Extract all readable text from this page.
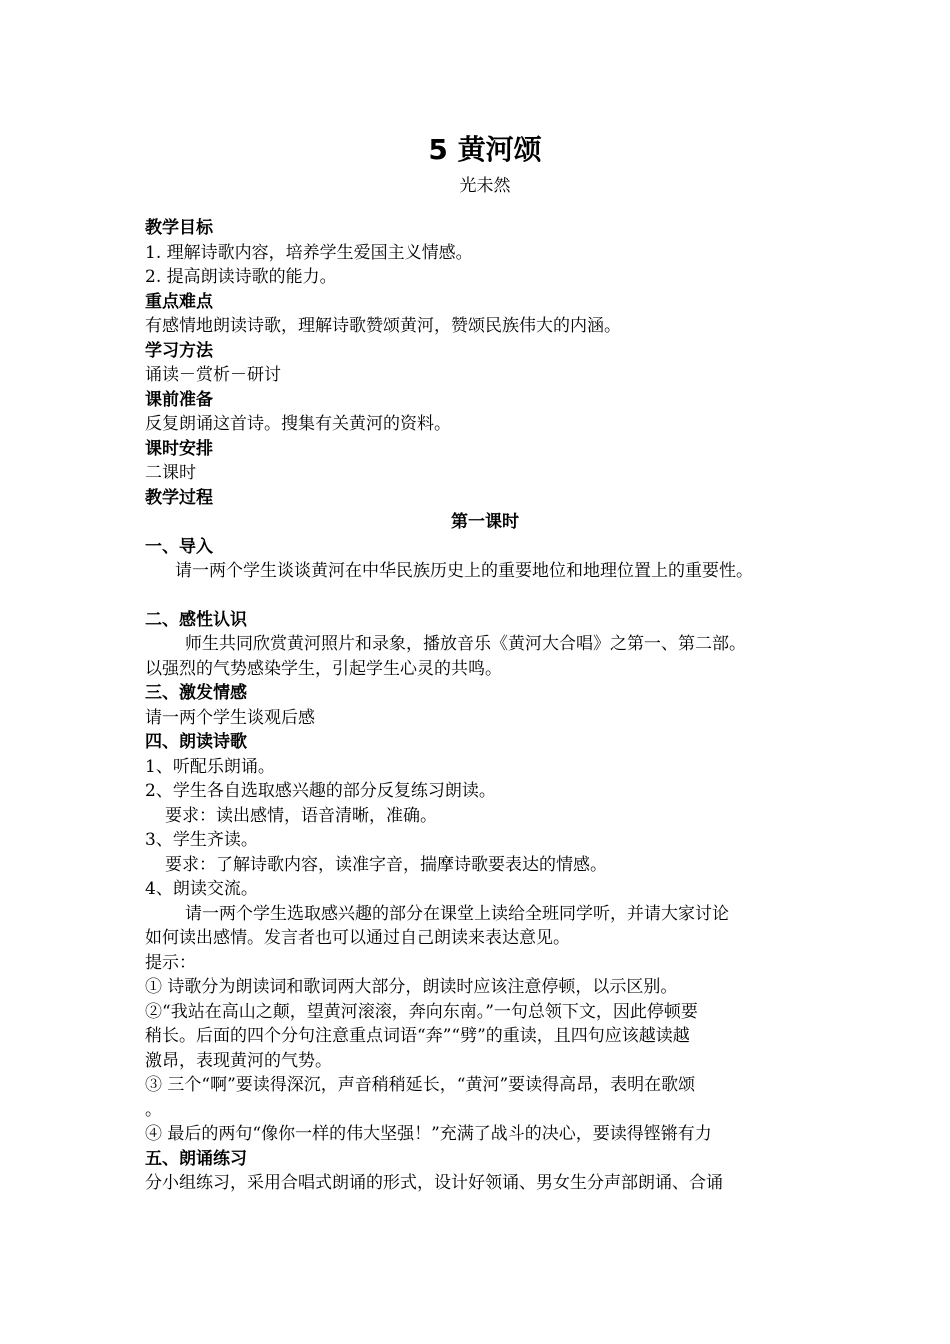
5 黄河颂
光未然
教学目标
1. 理解诗歌内容，培养学生爱国主义情感。
2. 提高朗读诗歌的能力。
重点难点
有感情地朗读诗歌，理解诗歌赞颂黄河，赞颂民族伟大的内涵。
学习方法
诵读－赏析－研讨
课前准备
反复朗诵这首诗。搜集有关黄河的资料。
课时安排
二课时
教学过程
第一课时
一、导入
请一两个学生谈谈黄河在中华民族历史上的重要地位和地理位置上的重要性。
二、感性认识
师生共同欣赏黄河照片和录象，播放音乐《黄河大合唱》之第一、第二部。
以强烈的气势感染学生，引起学生心灵的共鸣。
三、激发情感
请一两个学生谈观后感
四、朗读诗歌
1、听配乐朗诵。
2、学生各自选取感兴趣的部分反复练习朗读。
要求：读出感情，语音清晰，准确。
3、学生齐读。
要求：了解诗歌内容，读准字音，揣摩诗歌要表达的情感。
4、朗读交流。
请一两个学生选取感兴趣的部分在课堂上读给全班同学听，并请大家讨论
如何读出感情。发言者也可以通过自己朗读来表达意见。
提示：
① 诗歌分为朗读词和歌词两大部分，朗读时应该注意停顿，以示区别。
②“我站在高山之颠，望黄河滚滚，奔向东南。”一句总领下文，因此停顿要
稍长。后面的四个分句注意重点词语“奔”“劈”的重读，且四句应该越读越
激昂，表现黄河的气势。
③ 三个“啊”要读得深沉，声音稍稍延长，“黄河”要读得高昂，表明在歌颂
。
④ 最后的两句“像你一样的伟大坚强！”充满了战斗的决心，要读得铿锵有力
五、朗诵练习
分小组练习，采用合唱式朗诵的形式，设计好领诵、男女生分声部朗诵、合诵
